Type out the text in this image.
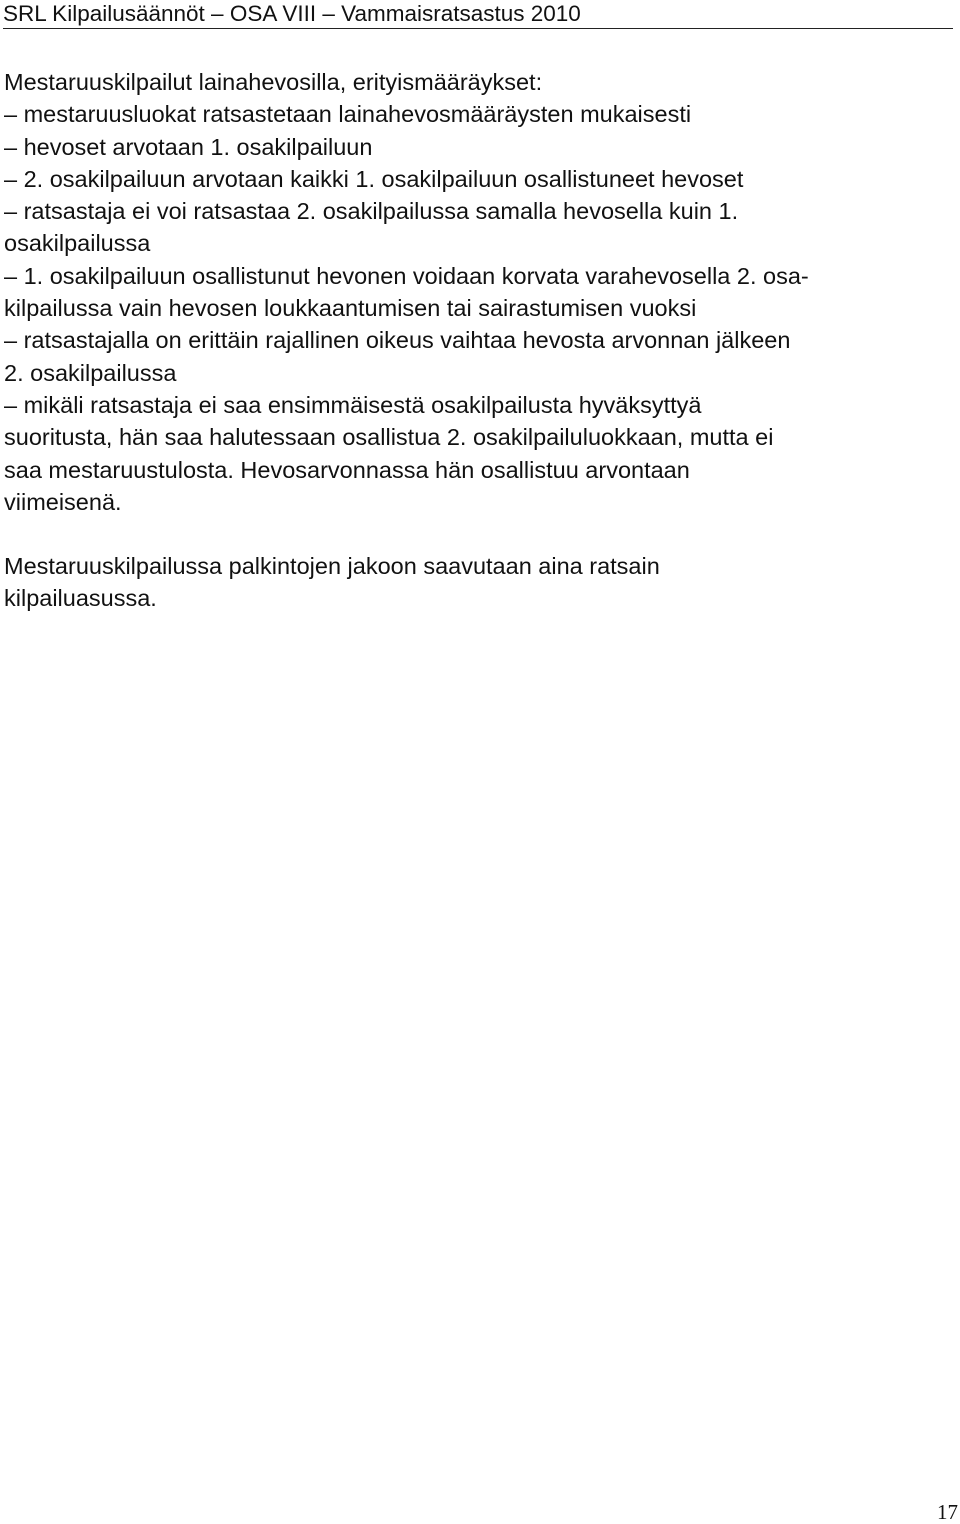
SRL Kilpailusäännöt – OSA VIII – Vammaisratsastus 2010
Mestaruuskilpailut lainahevosilla, erityismääräykset:
– mestaruusluokat ratsastetaan lainahevosmääräysten mukaisesti
– hevoset arvotaan 1. osakilpailuun
– 2. osakilpailuun arvotaan kaikki 1. osakilpailuun osallistuneet hevoset
– ratsastaja ei voi ratsastaa 2. osakilpailussa samalla hevosella kuin 1.
osakilpailussa
– 1. osakilpailuun osallistunut hevonen voidaan korvata varahevosella 2. osa-
kilpailussa vain hevosen loukkaantumisen tai sairastumisen vuoksi
– ratsastajalla on erittäin rajallinen oikeus vaihtaa hevosta arvonnan jälkeen
2. osakilpailussa
– mikäli ratsastaja ei saa ensimmäisestä osakilpailusta hyväksyttyä
suoritusta, hän saa halutessaan osallistua 2. osakilpailuluokkaan, mutta ei
saa mestaruustulosta. Hevosarvonnassa hän osallistuu arvontaan
viimeisenä.
Mestaruuskilpailussa palkintojen jakoon saavutaan aina ratsain
kilpailuasussa.
17
